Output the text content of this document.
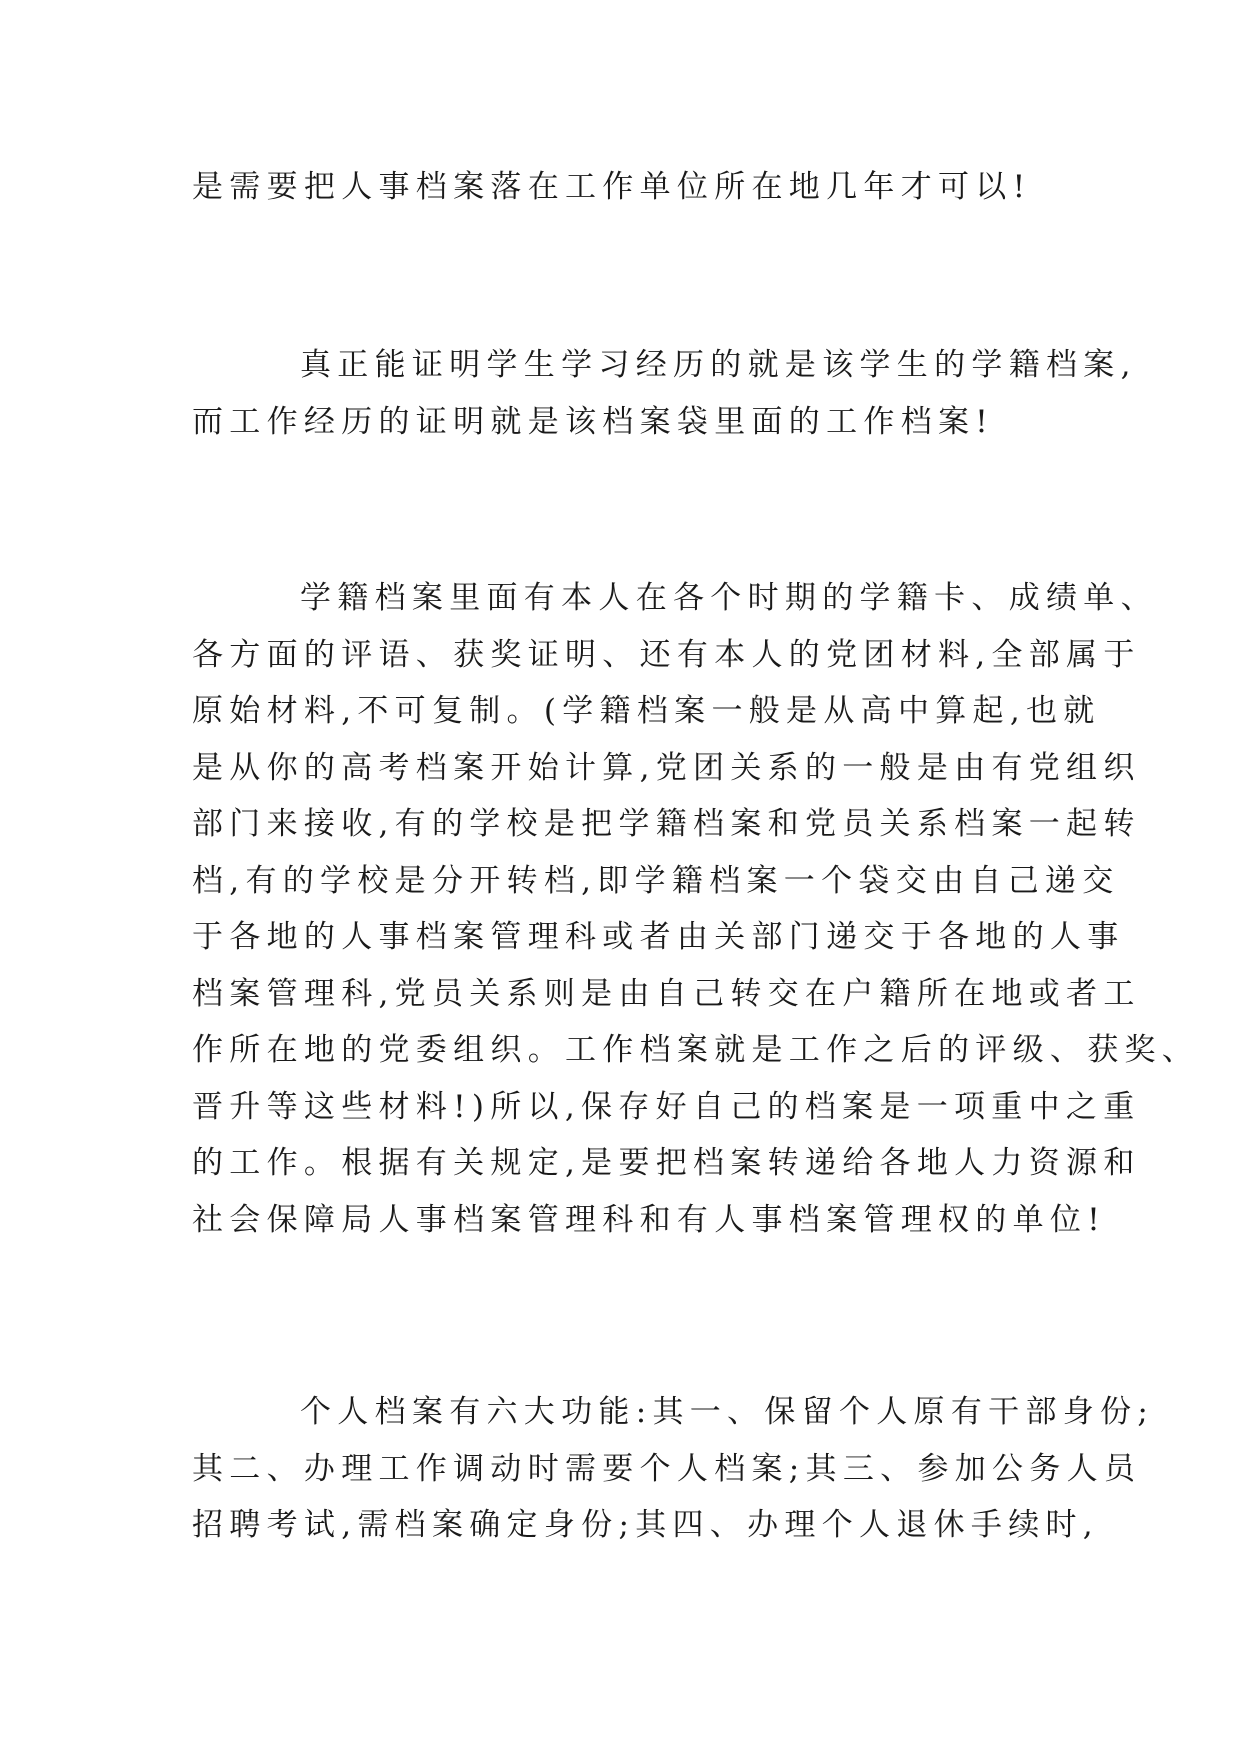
是需要把人事档案落在工作单位所在地几年才可以!

真正能证明学生学习经历的就是该学生的学籍档案,
而工作经历的证明就是该档案袋里面的工作档案!

学籍档案里面有本人在各个时期的学籍卡、成绩单、
各方面的评语、获奖证明、还有本人的党团材料,全部属于
原始材料,不可复制。(学籍档案一般是从高中算起,也就
是从你的高考档案开始计算,党团关系的一般是由有党组织
部门来接收,有的学校是把学籍档案和党员关系档案一起转
档,有的学校是分开转档,即学籍档案一个袋交由自己递交
于各地的人事档案管理科或者由关部门递交于各地的人事
档案管理科,党员关系则是由自己转交在户籍所在地或者工
作所在地的党委组织。工作档案就是工作之后的评级、获奖、
晋升等这些材料!)所以,保存好自己的档案是一项重中之重
的工作。根据有关规定,是要把档案转递给各地人力资源和
社会保障局人事档案管理科和有人事档案管理权的单位!

个人档案有六大功能:其一、保留个人原有干部身份;
其二、办理工作调动时需要个人档案;其三、参加公务人员
招聘考试,需档案确定身份;其四、办理个人退休手续时,
